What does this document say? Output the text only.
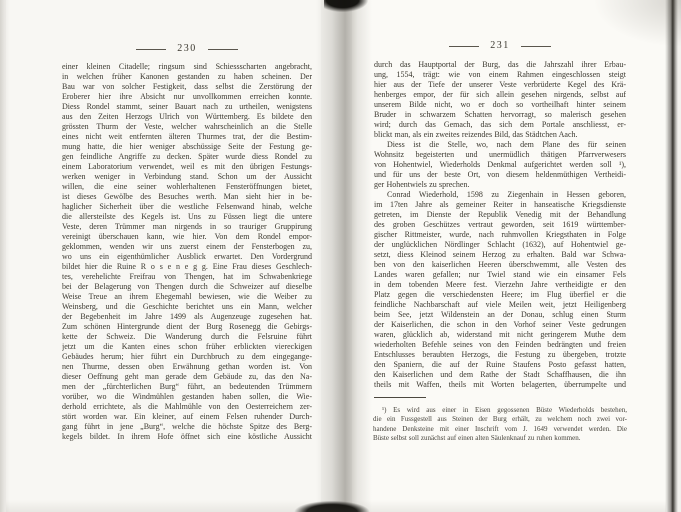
230	231
einer kleinen Citadelle; ringsum sind Schiessscharten angebracht,
in welchen früher Kanonen gestanden zu haben scheinen. Der
Bau war von solcher Festigkeit, dass selbst die Zerstörung der
Eroberer hier ihre Absicht nur unvollkommen erreichen konnte.
Diess Rondel stammt, seiner Bauart nach zu urtheilen, wenigstens
aus den Zeiten Herzogs Ulrich von Württemberg. Es bildete den
grössten Thurm der Veste, welcher wahrscheinlich an die Stelle
eines nicht weit entfernten älteren Thurmes trat, der die Bestim-
mung hatte, die hier weniger abschüssige Seite der Festung ge-
gen feindliche Angriffe zu decken. Später wurde diess Rondel zu
einem Laboratorium verwendet, weil es mit den übrigen Festungs-
werken weniger in Verbindung stand. Schon um der Aussicht
willen, die eine seiner wohlerhaltenen Fensteröffnungen bietet,
ist dieses Gewölbe des Besuches werth. Man sieht hier in be-
haglicher Sicherheit über die westliche Felsenwand hinab, welche
die allersteilste des Kegels ist. Uns zu Füssen liegt die untere
Veste, deren Trümmer man nirgends in so trauriger Gruppirung
vereinigt überschauen kann, wie hier. Von dem Rondel empor-
geklommen, wenden wir uns zuerst einem der Fensterbogen zu,
wo uns ein eigenthümlicher Ausblick erwartet. Den Vordergrund
bildet hier die Ruine R o s e n e g g. Eine Frau dieses Geschlech-
tes, verehelichte Freifrau von Thengen, hat im Schwabenkriege
bei der Belagerung von Thengen durch die Schweizer auf dieselbe
Weise Treue an ihrem Ehegemahl bewiesen, wie die Weiber zu
Weinsberg, und die Geschichte berichtet uns ein Mann, welcher
der Begebenheit im Jahre 1499 als Augenzeuge zugesehen hat.
Zum schönen Hintergrunde dient der Burg Rosenegg die Gebirgs-
kette der Schweiz. Die Wanderung durch die Felsruine führt
jetzt um die Kanten eines schon früher erblickten viereckigen
Gebäudes herum; hier führt ein Durchbruch zu dem eingegange-
nen Thurme, dessen oben Erwähnung gethan worden ist. Von
dieser Oeffnung geht man gerade dem Gebäude zu, das den Na-
men der „fürchterlichen Burg“ führt, an bedeutenden Trümmern
vorüber, wo die Windmühlen gestanden haben sollen, die Wie-
derhold errichtete, als die Mahlmühle von den Oesterreichern zer-
stört worden war. Ein kleiner, auf einem Felsen ruhender Durch-
gang führt in jene „Burg“, welche die höchste Spitze des Berg-
kegels bildet. In ihrem Hofe öffnet sich eine köstliche Aussicht
durch das Hauptportal der Burg, das die Jahrszahl ihrer Erbau-
ung, 1554, trägt: wie von einem Rahmen eingeschlossen steigt
hier aus der Tiefe der unserer Veste verbrüderte Kegel des Krä-
henberges empor, der für sich allein gesehen nirgends, selbst auf
unserem Bilde nicht, wo er doch so vortheilhaft hinter seinem
Bruder in schwarzem Schatten hervorragt, so malerisch gesehen
wird; durch das Gemach, das sich dem Portale anschliesst, er-
blickt man, als ein zweites reizendes Bild, das Städtchen Aach.
Diess ist die Stelle, wo, nach dem Plane des für seinen
Wohnsitz begeisterten und unermüdlich thätigen Pfarrverwesers
von Hohentwiel, Wiederholds Denkmal aufgerichtet werden soll ¹),
und für uns der beste Ort, von diesem heldenmüthigen Vertheidi-
ger Hohentwiels zu sprechen.
Conrad Wiederhold, 1598 zu Ziegenhain in Hessen geboren,
im 17ten Jahre als gemeiner Reiter in hanseatische Kriegsdienste
getreten, im Dienste der Republik Venedig mit der Behandlung
des groben Geschützes vertraut geworden, seit 1619 württember-
gischer Rittmeister, wurde, nach ruhmvollen Kriegsthaten in Folge
der unglücklichen Nördlinger Schlacht (1632), auf Hohentwiel ge-
setzt, diess Kleinod seinem Herzog zu erhalten. Bald war Schwa-
ben von den kaiserlichen Heeren überschwemmt, alle Vesten des
Landes waren gefallen; nur Twiel stand wie ein einsamer Fels
in dem tobenden Meere fest. Vierzehn Jahre vertheidigte er den
Platz gegen die verschiedensten Heere; im Flug überfiel er die
feindliche Nachbarschaft auf viele Meilen weit, jetzt Heiligenberg
beim See, jetzt Wildenstein an der Donau, schlug einen Sturm
der Kaiserlichen, die schon in den Vorhof seiner Veste gedrungen
waren, glücklich ab, widerstand mit nicht geringerem Muthe dem
wiederholten Befehle seines von den Feinden bedrängten und freien
Entschlusses beraubten Herzogs, die Festung zu übergeben, trotzte
den Spaniern, die auf der Ruine Staufens Posto gefasst hatten,
den Kaiserlichen und dem Rathe der Stadt Schaffhausen, die ihn
theils mit Waffen, theils mit Worten belagerten, überrumpelte und
¹) Es wird aus einer in Eisen gegossenen Büste Wiederholds bestehen,
die ein Fussgestell aus Steinen der Burg erhält, zu welchem noch zwei vor-
handene Denksteine mit einer Inschrift vom J. 1649 verwendet werden. Die
Büste selbst soll zunächst auf einen alten Säulenknauf zu ruhen kommen.
